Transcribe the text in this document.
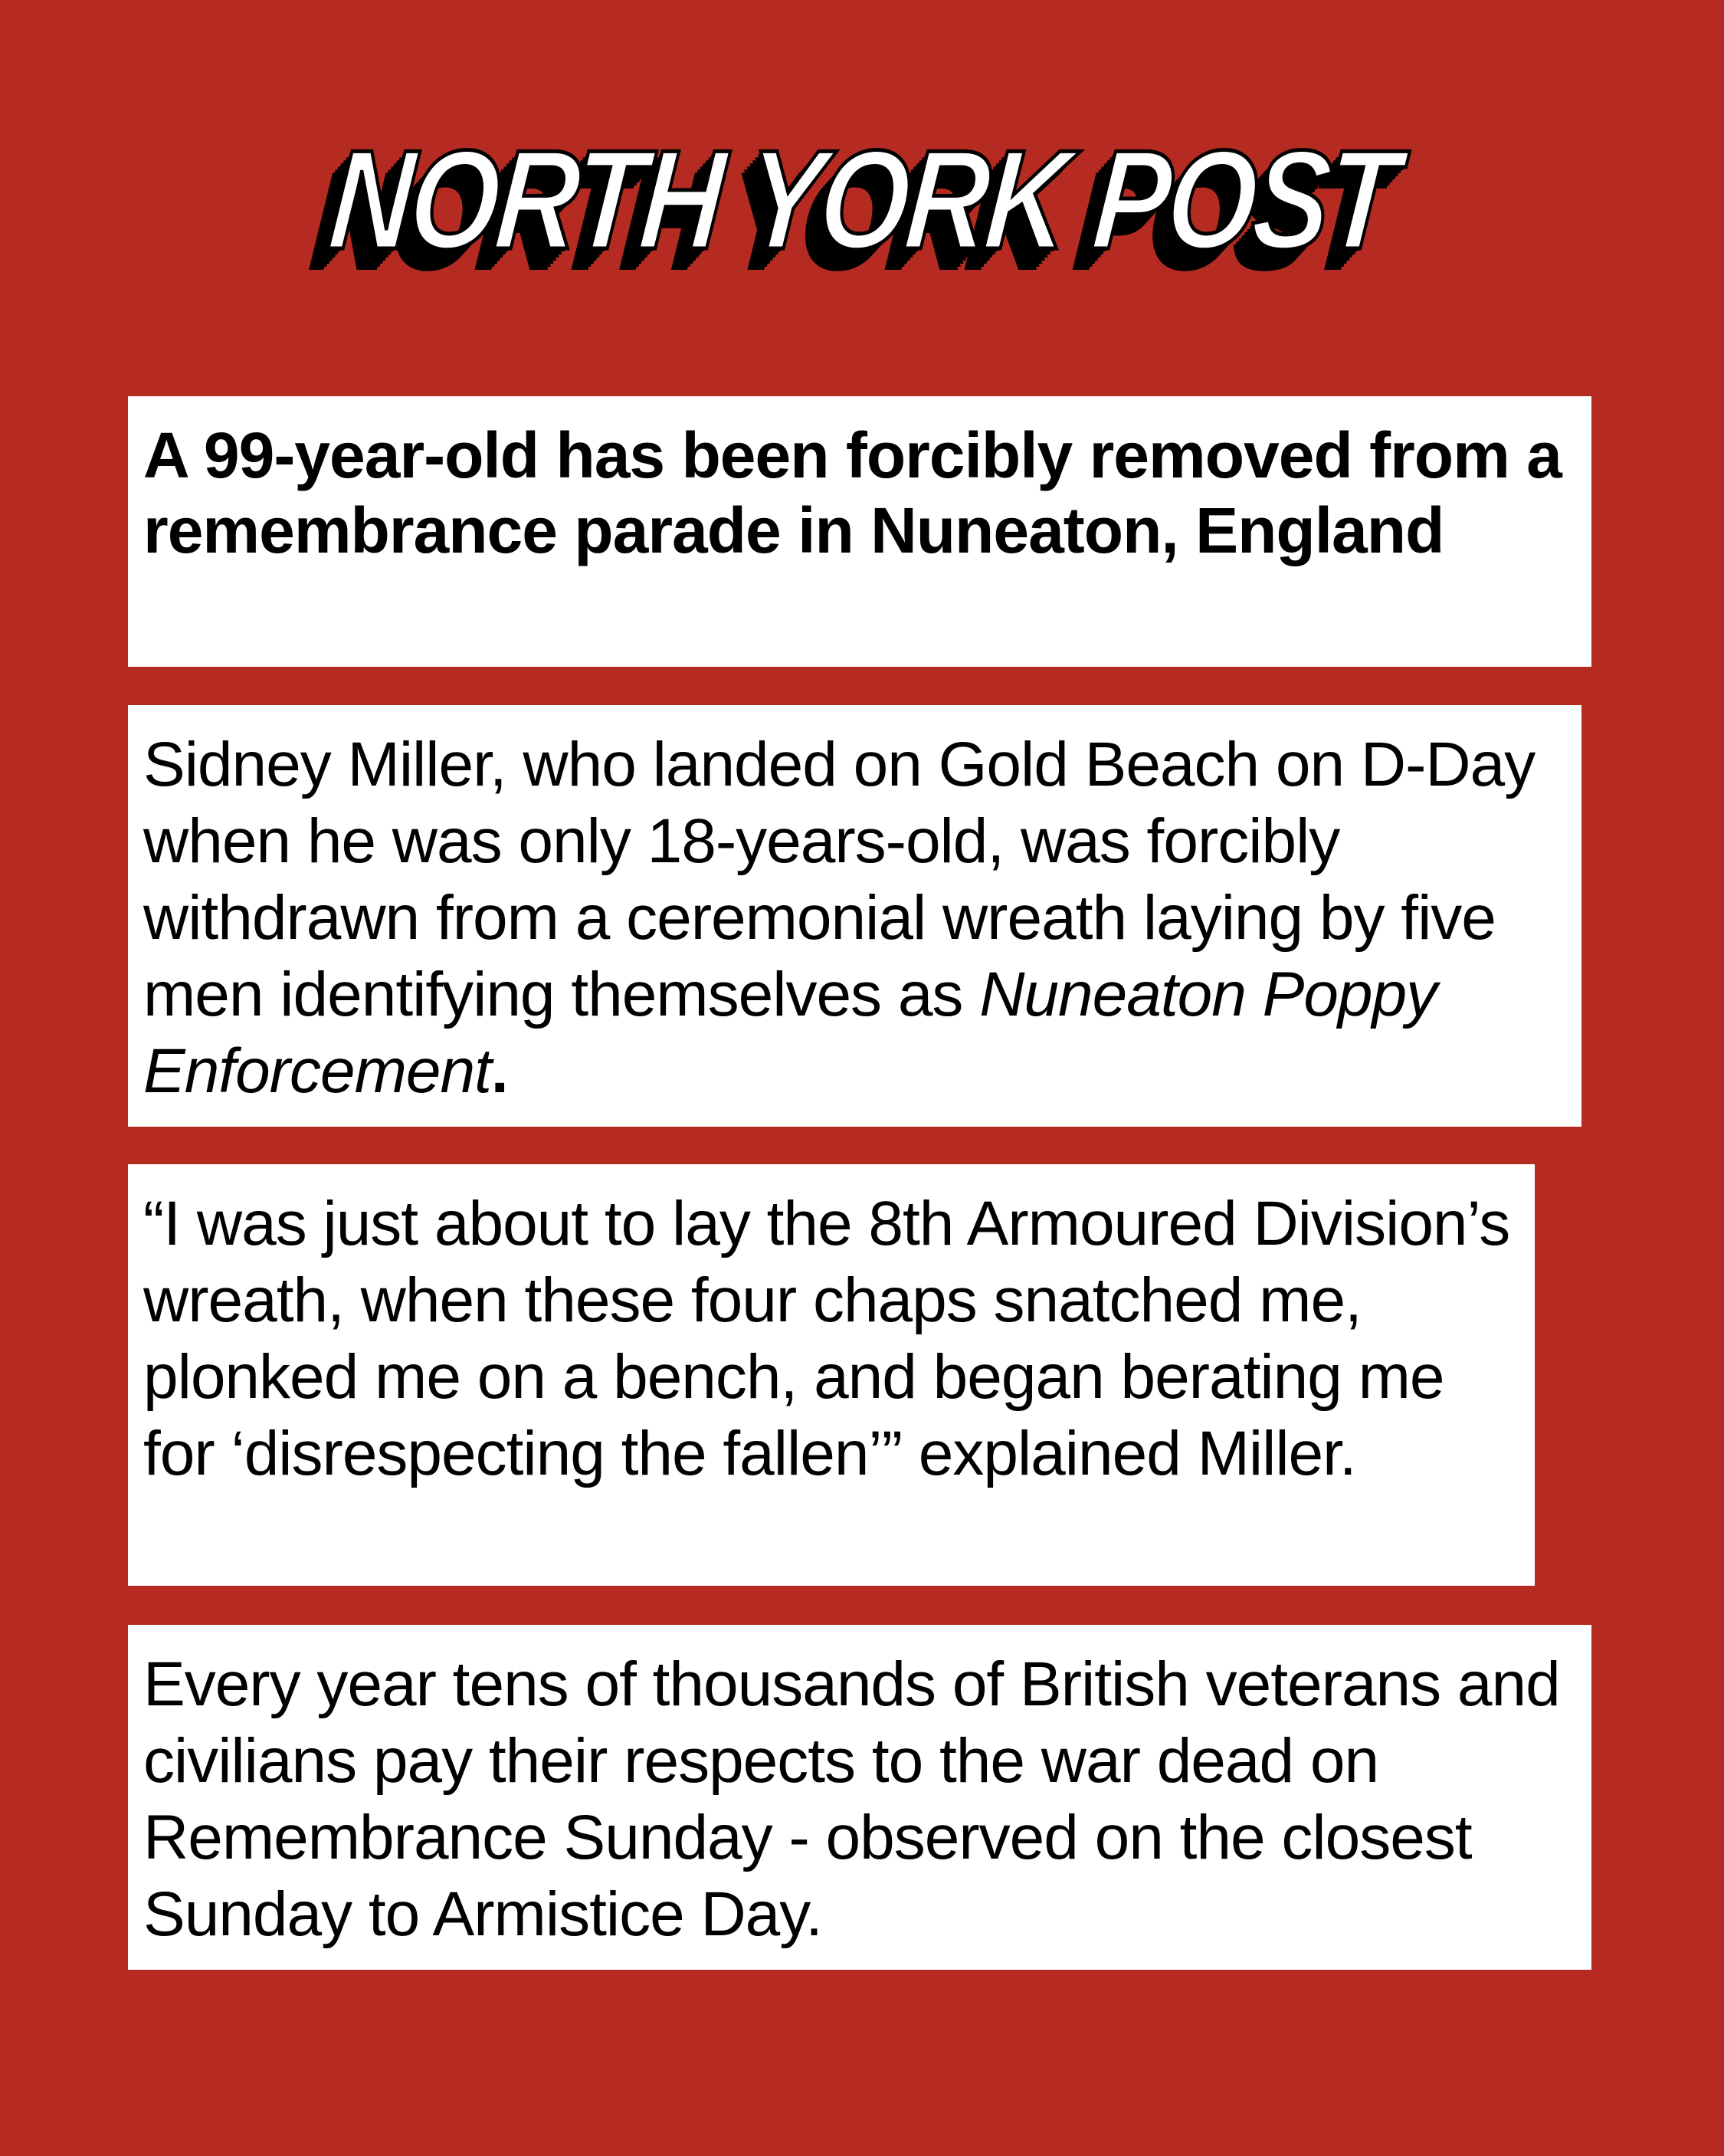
NORTH YORK POST

A 99-year-old has been forcibly removed from a remembrance parade in Nuneaton, England

Sidney Miller, who landed on Gold Beach on D-Day when he was only 18-years-old, was forcibly withdrawn from a ceremonial wreath laying by five men identifying themselves as Nuneaton Poppy Enforcement.

“I was just about to lay the 8th Armoured Division’s wreath, when these four chaps snatched me, plonked me on a bench, and began berating me for ‘disrespecting the fallen’” explained Miller.

Every year tens of thousands of British veterans and civilians pay their respects to the war dead on Remembrance Sunday - observed on the closest Sunday to Armistice Day.
